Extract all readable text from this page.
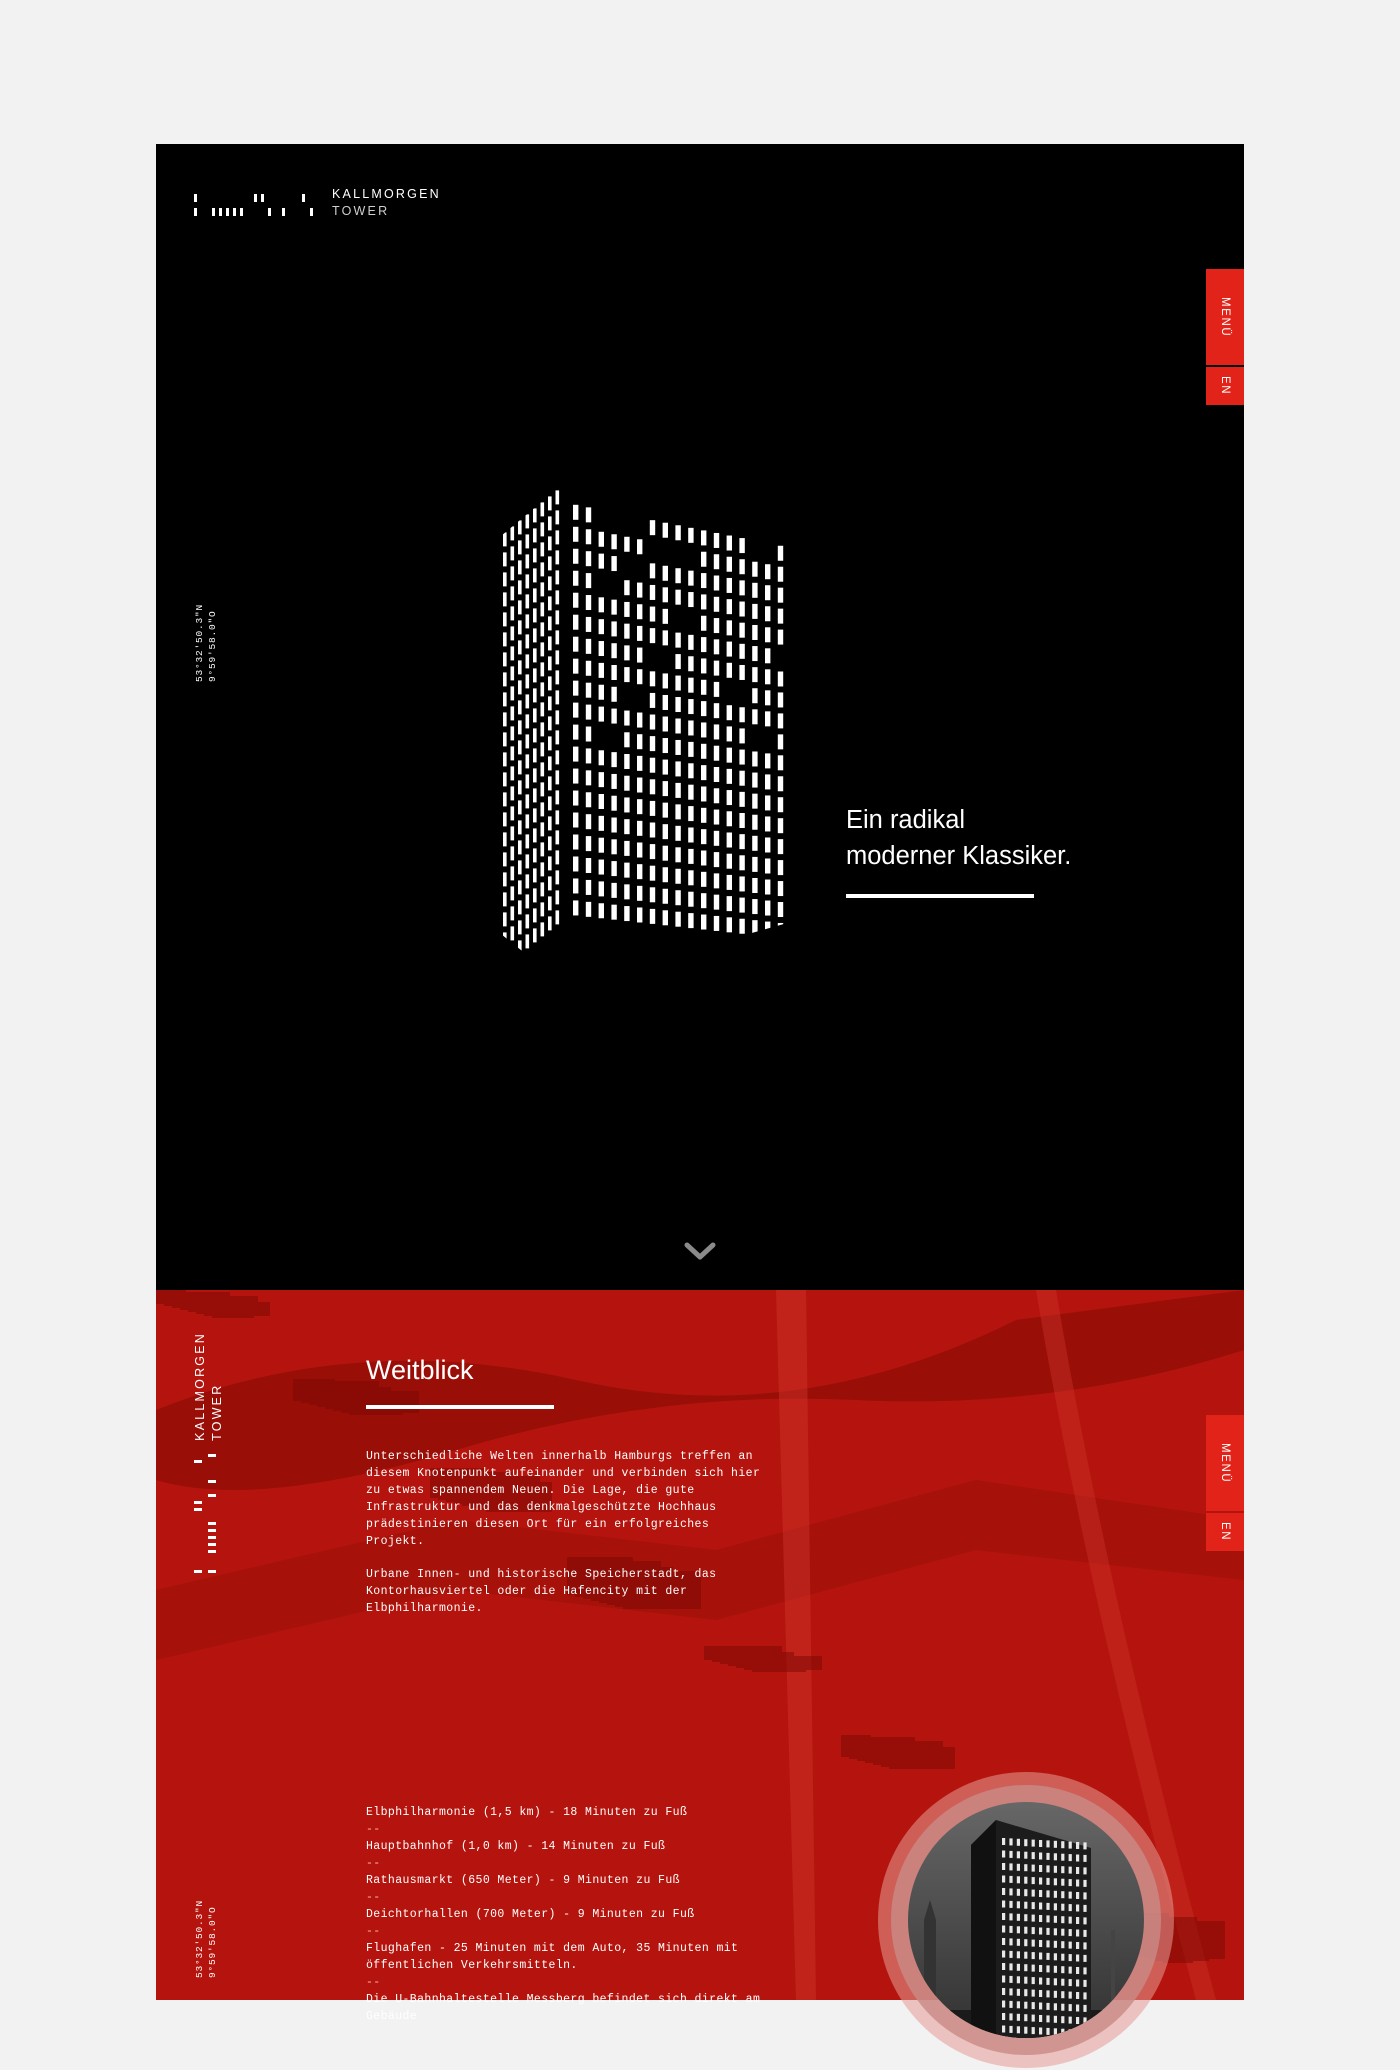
KALLMORGEN
TOWER
MENÜ
EN
53°32'50.3"N 9°59'58.0"O
Ein radikal
moderner Klassiker.
KALLMORGEN TOWER
53°32'50.3"N 9°59'58.0"O
MENÜ
EN
Weitblick

Unterschiedliche Welten innerhalb Hamburgs treffen an diesem Knotenpunkt aufeinander und verbinden sich hier zu etwas spannendem Neuen. Die Lage, die gute Infrastruktur und das denkmalgeschützte Hochhaus prädestinieren diesen Ort für ein erfolgreiches Projekt.

Urbane Innen- und historische Speicherstadt, das Kontorhausviertel oder die Hafencity mit der Elbphilharmonie.

Elbphilharmonie (1,5 km) - 18 Minuten zu Fuß
--
Hauptbahnhof (1,0 km) - 14 Minuten zu Fuß
--
Rathausmarkt (650 Meter) - 9 Minuten zu Fuß
--
Deichtorhallen (700 Meter) - 9 Minuten zu Fuß
--
Flughafen - 25 Minuten mit dem Auto, 35 Minuten mit öffentlichen Verkehrsmitteln.
--
Die U-Bahnhaltestelle Messberg befindet sich direkt am Gebäude
